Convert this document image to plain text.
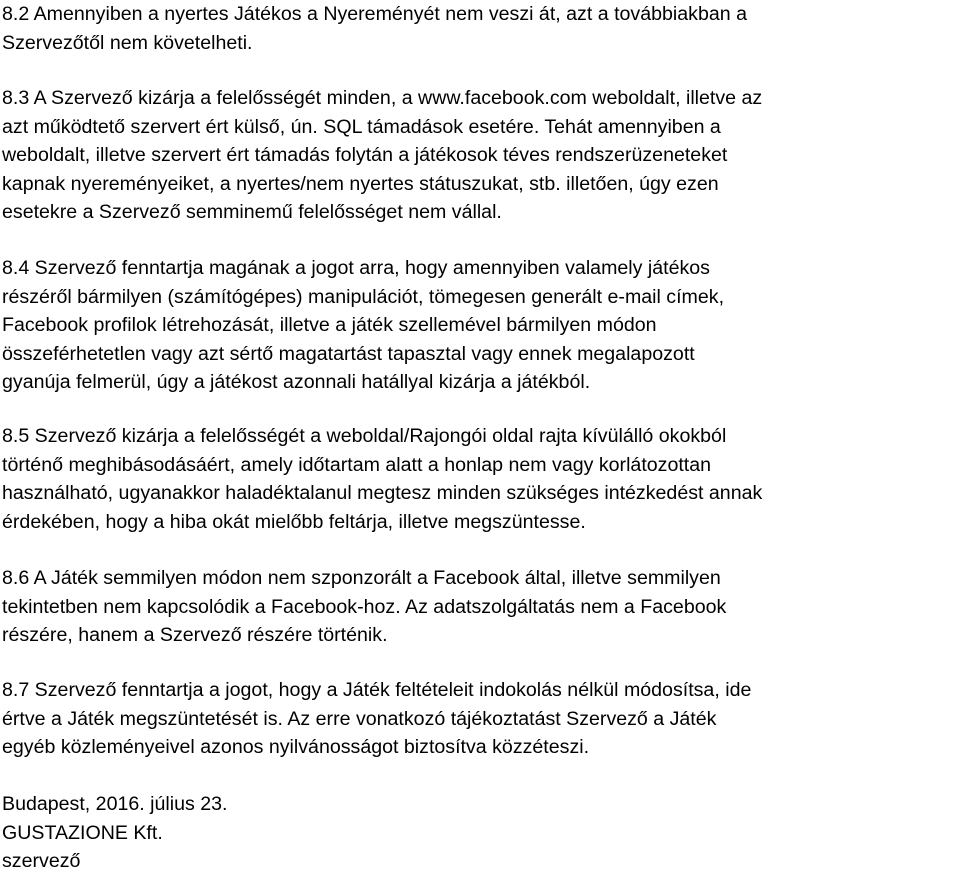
8.2 Amennyiben a nyertes Játékos a Nyereményét nem veszi át, azt a továbbiakban a
Szervezőtől nem követelheti.
8.3 A Szervező kizárja a felelősségét minden, a www.facebook.com weboldalt, illetve az
azt működtető szervert ért külső, ún. SQL támadások esetére. Tehát amennyiben a
weboldalt, illetve szervert ért támadás folytán a játékosok téves rendszerüzeneteket
kapnak nyereményeiket, a nyertes/nem nyertes státuszukat, stb. illetően, úgy ezen
esetekre a Szervező semminemű felelősséget nem vállal.
8.4 Szervező fenntartja magának a jogot arra, hogy amennyiben valamely játékos
részéről bármilyen (számítógépes) manipulációt, tömegesen generált e-mail címek,
Facebook profilok létrehozását, illetve a játék szellemével bármilyen módon
összeférhetetlen vagy azt sértő magatartást tapasztal vagy ennek megalapozott
gyanúja felmerül, úgy a játékost azonnali hatállyal kizárja a játékból.
8.5 Szervező kizárja a felelősségét a weboldal/Rajongói oldal rajta kívülálló okokból
történő meghibásodásáért, amely időtartam alatt a honlap nem vagy korlátozottan
használható, ugyanakkor haladéktalanul megtesz minden szükséges intézkedést annak
érdekében, hogy a hiba okát mielőbb feltárja, illetve megszüntesse.
8.6 A Játék semmilyen módon nem szponzorált a Facebook által, illetve semmilyen
tekintetben nem kapcsolódik a Facebook-hoz. Az adatszolgáltatás nem a Facebook
részére, hanem a Szervező részére történik.
8.7 Szervező fenntartja a jogot, hogy a Játék feltételeit indokolás nélkül módosítsa, ide
értve a Játék megszüntetését is. Az erre vonatkozó tájékoztatást Szervező a Játék
egyéb közleményeivel azonos nyilvánosságot biztosítva közzéteszi.
Budapest, 2016. július 23.
GUSTAZIONE Kft.
szervező
